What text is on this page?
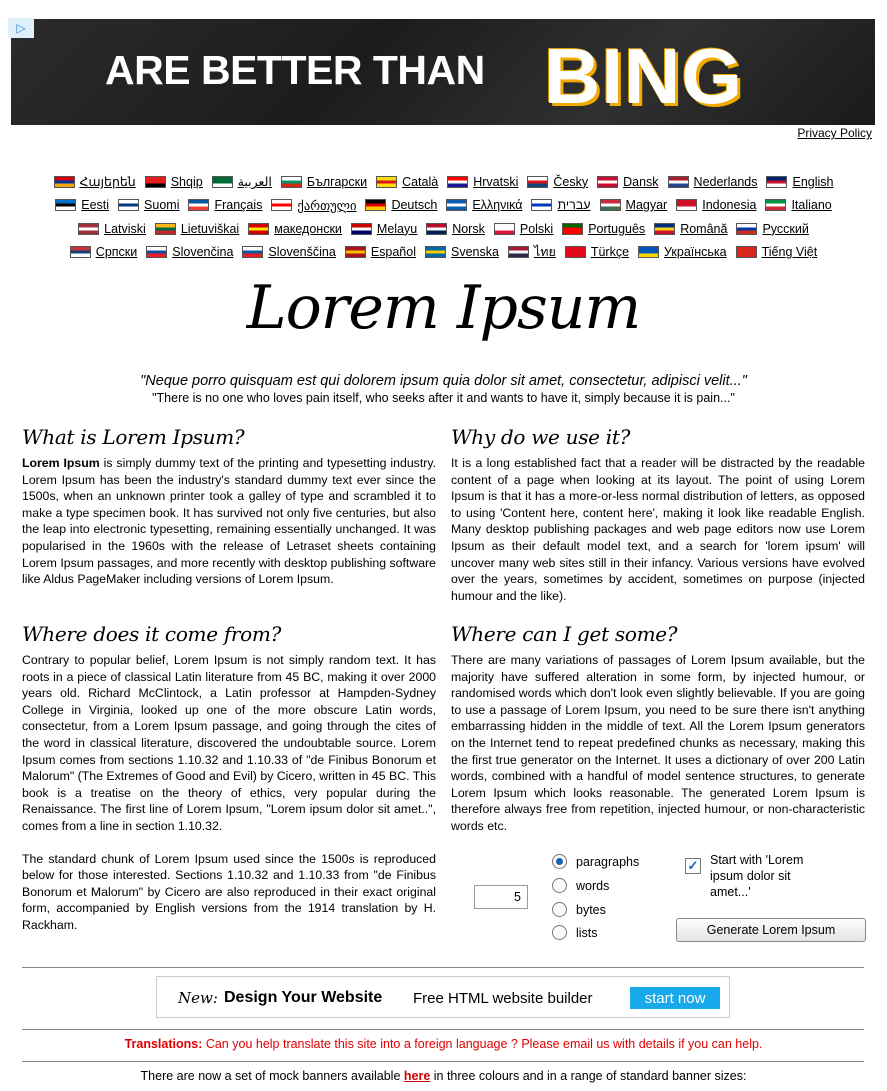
ARE BETTER THAN BING
▷
Privacy Policy
Հայերեն	Shqip	العربية	Български	Català	Hrvatski	Česky	Dansk	Nederlands	English
Eesti	Suomi	Français	ქართული	Deutsch	Ελληνικά	עברית	Magyar	Indonesia	Italiano
Latviski	Lietuviškai	македонски	Melayu	Norsk	Polski	Português	Română	Русский
Српски	Slovenčina	Slovenščina	Español	Svenska	ไทย	Türkçe	Українська	Tiếng Việt
Lorem Ipsum
"Neque porro quisquam est qui dolorem ipsum quia dolor sit amet, consectetur, adipisci velit..."
"There is no one who loves pain itself, who seeks after it and wants to have it, simply because it is pain..."
What is Lorem Ipsum?

Lorem Ipsum is simply dummy text of the printing and typesetting industry. Lorem Ipsum has been the industry's standard dummy text ever since the 1500s, when an unknown printer took a galley of type and scrambled it to make a type specimen book. It has survived not only five centuries, but also the leap into electronic typesetting, remaining essentially unchanged. It was popularised in the 1960s with the release of Letraset sheets containing Lorem Ipsum passages, and more recently with desktop publishing software like Aldus PageMaker including versions of Lorem Ipsum.

Why do we use it?

It is a long established fact that a reader will be distracted by the readable content of a page when looking at its layout. The point of using Lorem Ipsum is that it has a more-or-less normal distribution of letters, as opposed to using 'Content here, content here', making it look like readable English. Many desktop publishing packages and web page editors now use Lorem Ipsum as their default model text, and a search for 'lorem ipsum' will uncover many web sites still in their infancy. Various versions have evolved over the years, sometimes by accident, sometimes on purpose (injected humour and the like).

Where does it come from?

Contrary to popular belief, Lorem Ipsum is not simply random text. It has roots in a piece of classical Latin literature from 45 BC, making it over 2000 years old. Richard McClintock, a Latin professor at Hampden-Sydney College in Virginia, looked up one of the more obscure Latin words, consectetur, from a Lorem Ipsum passage, and going through the cites of the word in classical literature, discovered the undoubtable source. Lorem Ipsum comes from sections 1.10.32 and 1.10.33 of "de Finibus Bonorum et Malorum" (The Extremes of Good and Evil) by Cicero, written in 45 BC. This book is a treatise on the theory of ethics, very popular during the Renaissance. The first line of Lorem Ipsum, "Lorem ipsum dolor sit amet..", comes from a line in section 1.10.32.

The standard chunk of Lorem Ipsum used since the 1500s is reproduced below for those interested. Sections 1.10.32 and 1.10.33 from "de Finibus Bonorum et Malorum" by Cicero are also reproduced in their exact original form, accompanied by English versions from the 1914 translation by H. Rackham.

Where can I get some?

There are many variations of passages of Lorem Ipsum available, but the majority have suffered alteration in some form, by injected humour, or randomised words which don't look even slightly believable. If you are going to use a passage of Lorem Ipsum, you need to be sure there isn't anything embarrassing hidden in the middle of text. All the Lorem Ipsum generators on the Internet tend to repeat predefined chunks as necessary, making this the first true generator on the Internet. It uses a dictionary of over 200 Latin words, combined with a handful of model sentence structures, to generate Lorem Ipsum which looks reasonable. The generated Lorem Ipsum is therefore always free from repetition, injected humour, or non-characteristic words etc.

5
paragraphs
words
bytes
lists
✓ Start with 'Lorem ipsum dolor sit amet...'
Generate Lorem Ipsum
New: Design Your Website Free HTML website builder	start now
Translations: Can you help translate this site into a foreign language ? Please email us with details if you can help.
There are now a set of mock banners available here in three colours and in a range of standard banner sizes:
